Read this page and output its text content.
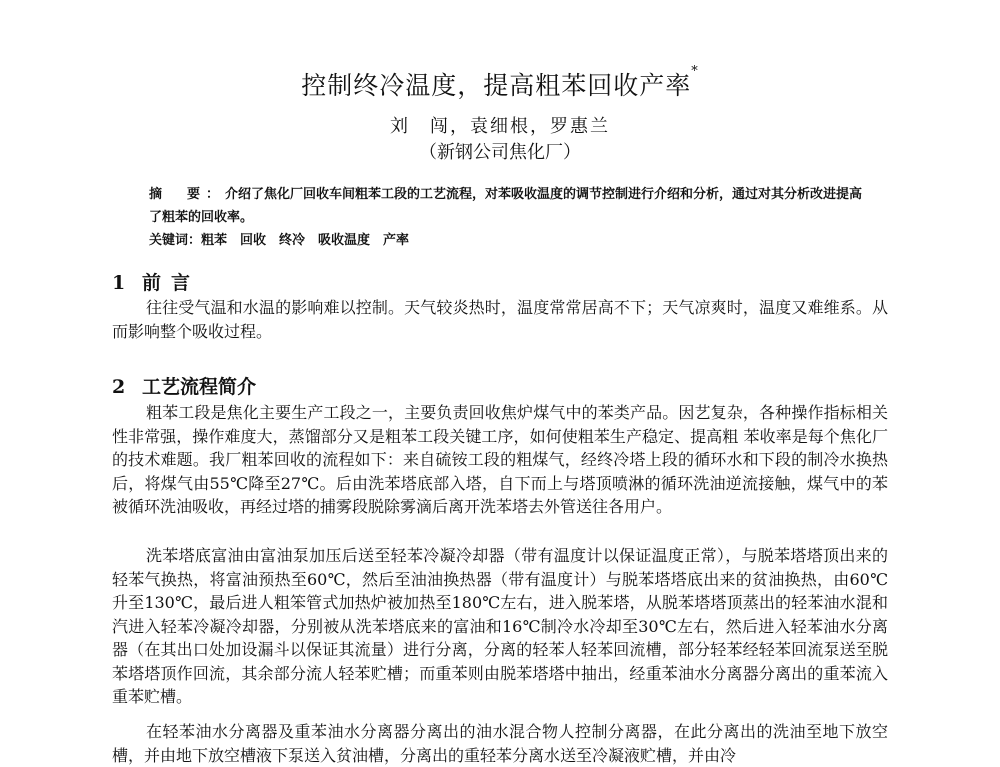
控制终冷温度，提高粗苯回收产率*
刘　闯，袁细根，罗惠兰
（新钢公司焦化厂）
摘　要：介绍了焦化厂回收车间粗苯工段的工艺流程，对苯吸收温度的调节控制进行介绍和分析，通过对其分析改进提高了粗苯的回收率。
关键词：粗苯　回收　终冷　吸收温度　产率
1 前言

往往受气温和水温的影响难以控制。天气较炎热时，温度常常居高不下；天气凉爽时，温度又难维系。从而影响整个吸收过程。

2 工艺流程简介

粗苯工段是焦化主要生产工段之一，主要负责回收焦炉煤气中的苯类产品。因艺复杂，各种操作指标相关性非常强，操作难度大，蒸馏部分又是粗苯工段关键工序，如何使粗苯生产稳定、提高粗 苯收率是每个焦化厂的技术难题。我厂粗苯回收的流程如下：来自硫铵工段的粗煤气，经终冷塔上段的循环水和下段的制冷水换热后，将煤气由55℃降至27℃。后由洗苯塔底部入塔，自下而上与塔顶喷淋的循环洗油逆流接触，煤气中的苯被循环洗油吸收，再经过塔的捕雾段脱除雾滴后离开洗苯塔去外管送往各用户。

洗苯塔底富油由富油泵加压后送至轻苯冷凝冷却器（带有温度计以保证温度正常），与脱苯塔塔顶出来的轻苯气换热，将富油预热至60℃，然后至油油换热器（带有温度计）与脱苯塔塔底出来的贫油换热，由60℃升至130℃，最后进人粗笨管式加热炉被加热至180℃左右，进入脱苯塔，从脱苯塔塔顶蒸出的轻苯油水混和汽进入轻苯冷凝冷却器，分别被从洗苯塔底来的富油和16℃制冷水冷却至30℃左右，然后进入轻苯油水分离器（在其出口处加设漏斗以保证其流量）进行分离，分离的轻苯人轻苯回流槽，部分轻苯经轻苯回流泵送至脱苯塔塔顶作回流，其余部分流人轻苯贮槽；而重苯则由脱苯塔塔中抽出，经重苯油水分离器分离出的重苯流入重苯贮槽。

在轻苯油水分离器及重苯油水分离器分离出的油水混合物人控制分离器，在此分离出的洗油至地下放空槽，并由地下放空槽液下泵送入贫油槽，分离出的重轻苯分离水送至冷凝液贮槽，并由冷
